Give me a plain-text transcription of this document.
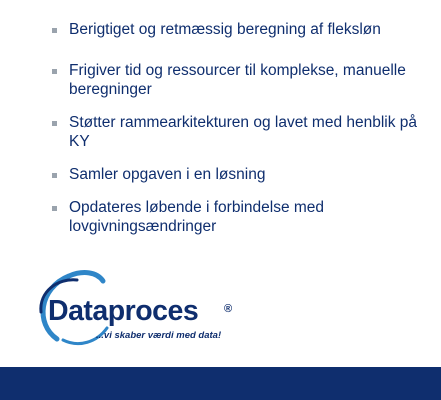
Berigtiget og retmæssig beregning af fleksløn
Frigiver tid og ressourcer til komplekse, manuelle beregninger
Støtter rammearkitekturen og lavet med henblik på KY
Samler opgaven i en løsning
Opdateres løbende i forbindelse med lovgivningsændringer
Dataproces ®
...vi skaber værdi med data!
